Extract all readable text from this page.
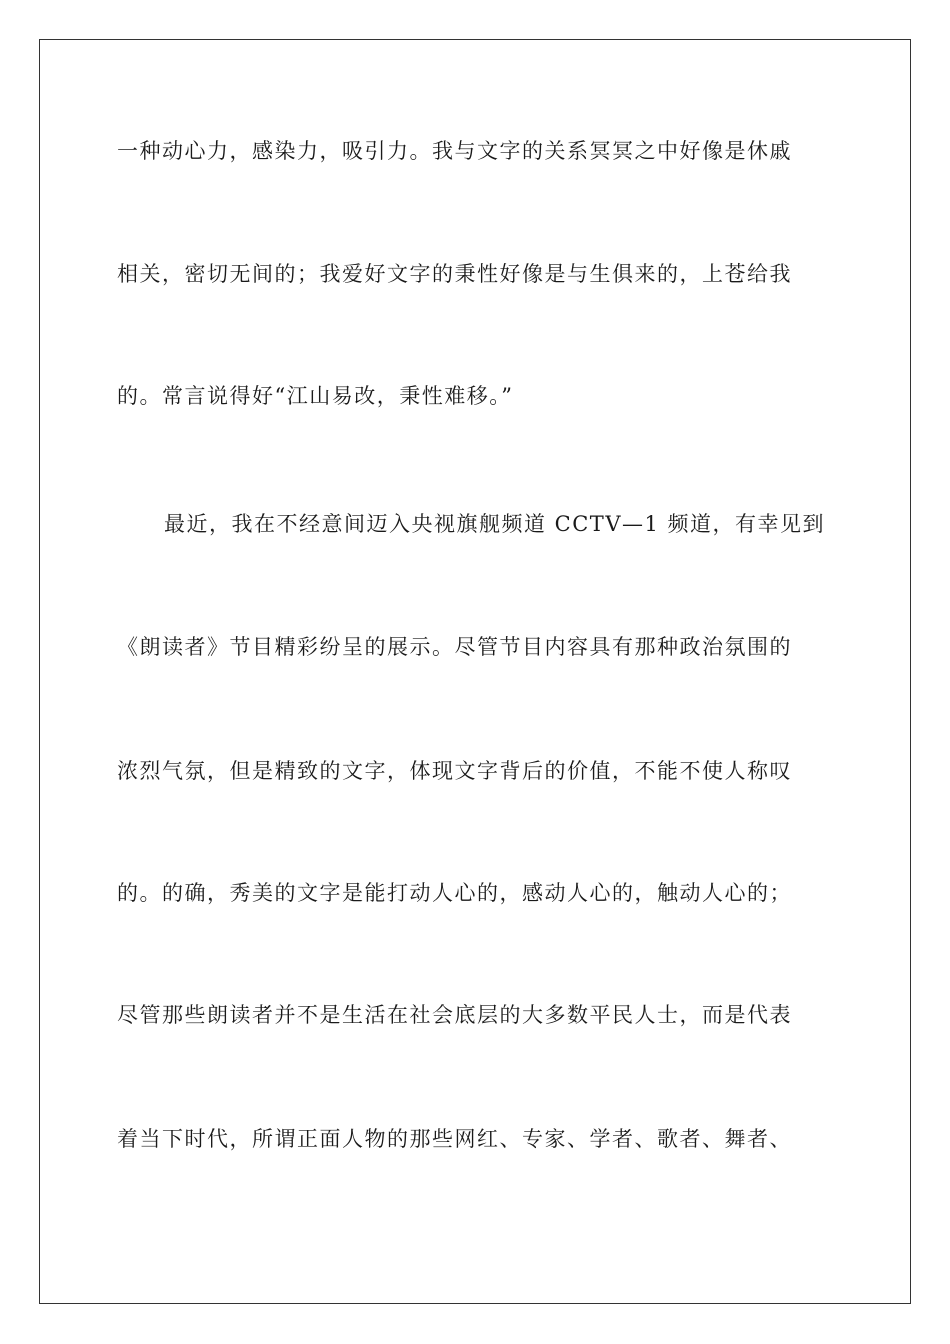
一种动心力，感染力，吸引力。我与文字的关系冥冥之中好像是休戚
相关，密切无间的；我爱好文字的秉性好像是与生俱来的，上苍给我
的。常言说得好“江山易改，秉性难移。”
最近，我在不经意间迈入央视旗舰频道 CCTV—1 频道，有幸见到
《朗读者》节目精彩纷呈的展示。尽管节目内容具有那种政治氛围的
浓烈气氛，但是精致的文字，体现文字背后的价值，不能不使人称叹
的。的确，秀美的文字是能打动人心的，感动人心的，触动人心的；
尽管那些朗读者并不是生活在社会底层的大多数平民人士，而是代表
着当下时代，所谓正面人物的那些网红、专家、学者、歌者、舞者、
